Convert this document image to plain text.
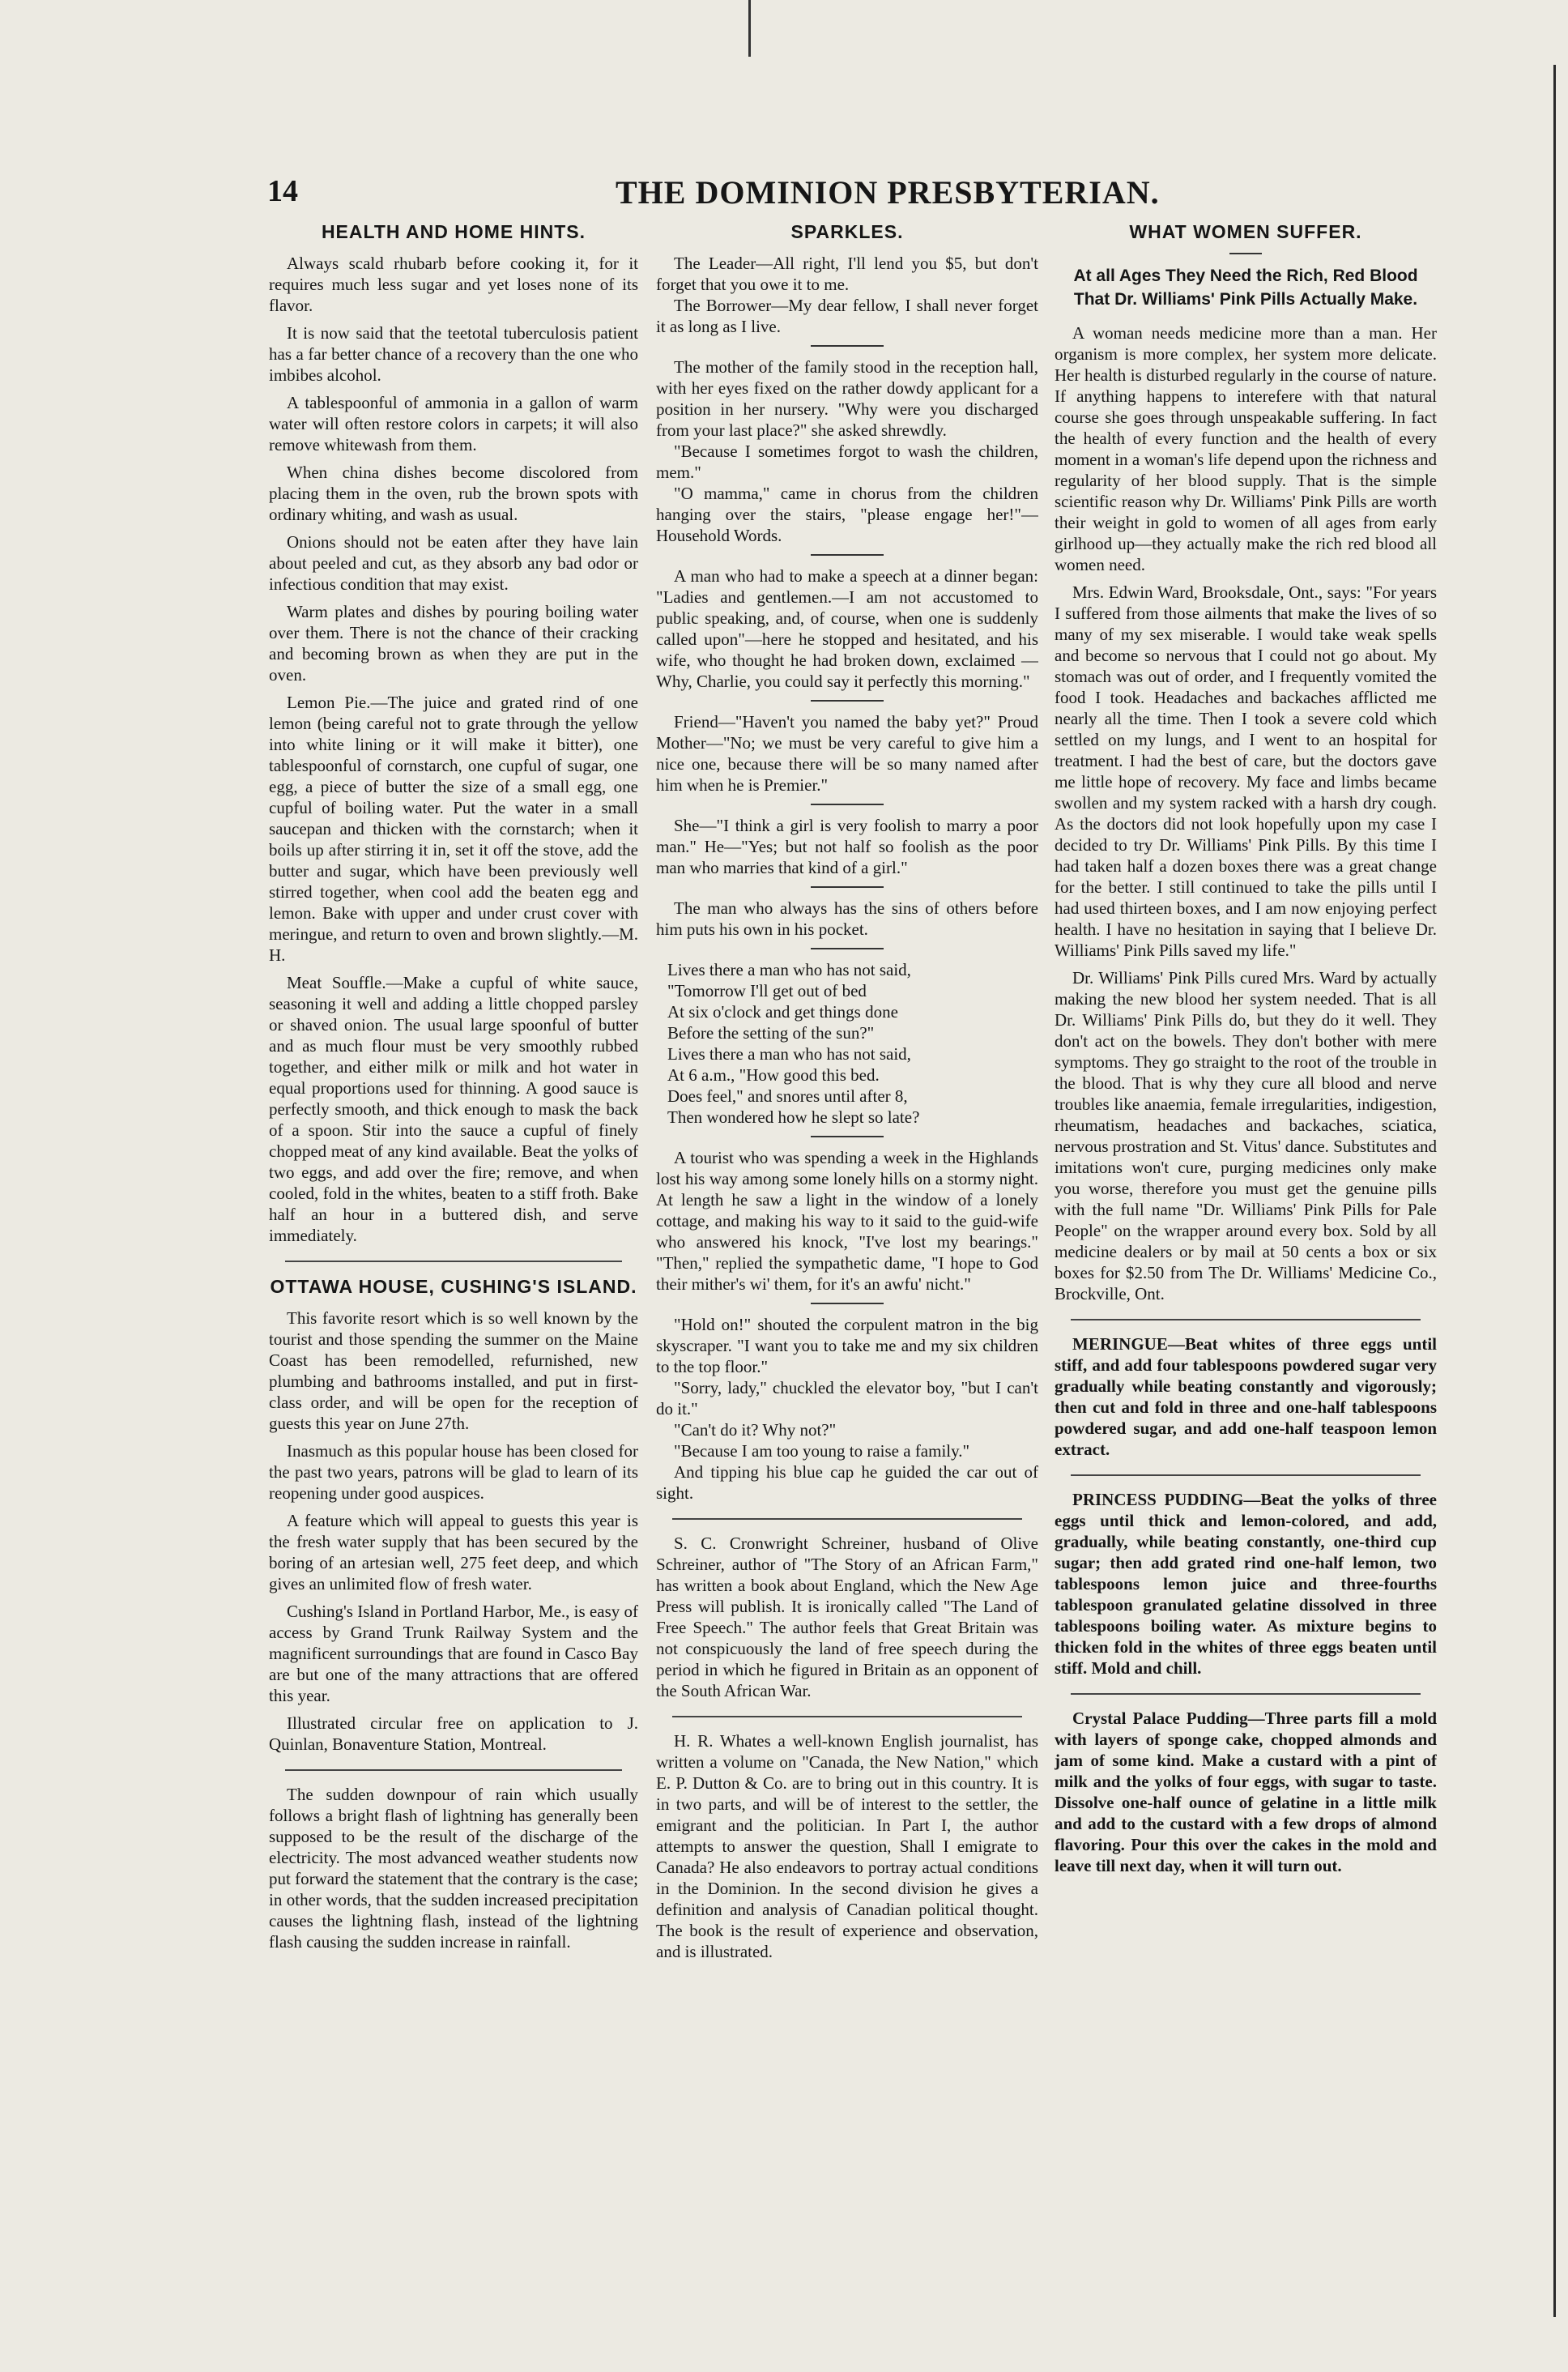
14	THE DOMINION PRESBYTERIAN.
HEALTH AND HOME HINTS.

Always scald rhubarb before cooking it, for it requires much less sugar and yet loses none of its flavor.

It is now said that the teetotal tuberculosis patient has a far better chance of a recovery than the one who imbibes alcohol.

A tablespoonful of ammonia in a gallon of warm water will often restore colors in carpets; it will also remove whitewash from them.

When china dishes become discolored from placing them in the oven, rub the brown spots with ordinary whiting, and wash as usual.

Onions should not be eaten after they have lain about peeled and cut, as they absorb any bad odor or infectious condition that may exist.

Warm plates and dishes by pouring boiling water over them. There is not the chance of their cracking and becoming brown as when they are put in the oven.

Lemon Pie.—The juice and grated rind of one lemon (being careful not to grate through the yellow into white lining or it will make it bitter), one tablespoonful of cornstarch, one cupful of sugar, one egg, a piece of butter the size of a small egg, one cupful of boiling water. Put the water in a small saucepan and thicken with the cornstarch; when it boils up after stirring it in, set it off the stove, add the butter and sugar, which have been previously well stirred together, when cool add the beaten egg and lemon. Bake with upper and under crust cover with meringue, and return to oven and brown slightly.—M. H.

Meat Souffle.—Make a cupful of white sauce, seasoning it well and adding a little chopped parsley or shaved onion. The usual large spoonful of butter and as much flour must be very smoothly rubbed together, and either milk or milk and hot water in equal proportions used for thinning. A good sauce is perfectly smooth, and thick enough to mask the back of a spoon. Stir into the sauce a cupful of finely chopped meat of any kind available. Beat the yolks of two eggs, and add over the fire; remove, and when cooled, fold in the whites, beaten to a stiff froth. Bake half an hour in a buttered dish, and serve immediately.

OTTAWA HOUSE, CUSHING'S ISLAND.

This favorite resort which is so well known by the tourist and those spending the summer on the Maine Coast has been remodelled, refurnished, new plumbing and bathrooms installed, and put in first-class order, and will be open for the reception of guests this year on June 27th.

Inasmuch as this popular house has been closed for the past two years, patrons will be glad to learn of its reopening under good auspices.

A feature which will appeal to guests this year is the fresh water supply that has been secured by the boring of an artesian well, 275 feet deep, and which gives an unlimited flow of fresh water.

Cushing's Island in Portland Harbor, Me., is easy of access by Grand Trunk Railway System and the magnificent surroundings that are found in Casco Bay are but one of the many attractions that are offered this year.

Illustrated circular free on application to J. Quinlan, Bonaventure Station, Montreal.

The sudden downpour of rain which usually follows a bright flash of lightning has generally been supposed to be the result of the discharge of the electricity. The most advanced weather students now put forward the statement that the contrary is the case; in other words, that the sudden increased precipitation causes the lightning flash, instead of the lightning flash causing the sudden increase in rainfall.

SPARKLES.

The Leader—All right, I'll lend you $5, but don't forget that you owe it to me.

The Borrower—My dear fellow, I shall never forget it as long as I live.

The mother of the family stood in the reception hall, with her eyes fixed on the rather dowdy applicant for a position in her nursery. "Why were you discharged from your last place?" she asked shrewdly.

"Because I sometimes forgot to wash the children, mem."

"O mamma," came in chorus from the children hanging over the stairs, "please engage her!"—Household Words.

A man who had to make a speech at a dinner began: "Ladies and gentlemen.—I am not accustomed to public speaking, and, of course, when one is suddenly called upon"—here he stopped and hesitated, and his wife, who thought he had broken down, exclaimed — Why, Charlie, you could say it perfectly this morning."

Friend—"Haven't you named the baby yet?" Proud Mother—"No; we must be very careful to give him a nice one, because there will be so many named after him when he is Premier."

She—"I think a girl is very foolish to marry a poor man." He—"Yes; but not half so foolish as the poor man who marries that kind of a girl."

The man who always has the sins of others before him puts his own in his pocket.

Lives there a man who has not said,

"Tomorrow I'll get out of bed

At six o'clock and get things done

Before the setting of the sun?"

Lives there a man who has not said,

At 6 a.m., "How good this bed.

Does feel," and snores until after 8,

Then wondered how he slept so late?

A tourist who was spending a week in the Highlands lost his way among some lonely hills on a stormy night. At length he saw a light in the window of a lonely cottage, and making his way to it said to the guid-wife who answered his knock, "I've lost my bearings." "Then," replied the sympathetic dame, "I hope to God their mither's wi' them, for it's an awfu' nicht."

"Hold on!" shouted the corpulent matron in the big skyscraper. "I want you to take me and my six children to the top floor."

"Sorry, lady," chuckled the elevator boy, "but I can't do it."

"Can't do it? Why not?"

"Because I am too young to raise a family."

And tipping his blue cap he guided the car out of sight.

S. C. Cronwright Schreiner, husband of Olive Schreiner, author of "The Story of an African Farm," has written a book about England, which the New Age Press will publish. It is ironically called "The Land of Free Speech." The author feels that Great Britain was not conspicuously the land of free speech during the period in which he figured in Britain as an opponent of the South African War.

H. R. Whates a well-known English journalist, has written a volume on "Canada, the New Nation," which E. P. Dutton & Co. are to bring out in this country. It is in two parts, and will be of interest to the settler, the emigrant and the politician. In Part I, the author attempts to answer the question, Shall I emigrate to Canada? He also endeavors to portray actual conditions in the Dominion. In the second division he gives a definition and analysis of Canadian political thought. The book is the result of experience and observation, and is illustrated.

WHAT WOMEN SUFFER.
At all Ages They Need the Rich, Red Blood That Dr. Williams' Pink Pills Actually Make.

A woman needs medicine more than a man. Her organism is more complex, her system more delicate. Her health is disturbed regularly in the course of nature. If anything happens to interefere with that natural course she goes through unspeakable suffering. In fact the health of every function and the health of every moment in a woman's life depend upon the richness and regularity of her blood supply. That is the simple scientific reason why Dr. Williams' Pink Pills are worth their weight in gold to women of all ages from early girlhood up—they actually make the rich red blood all women need.

Mrs. Edwin Ward, Brooksdale, Ont., says: "For years I suffered from those ailments that make the lives of so many of my sex miserable. I would take weak spells and become so nervous that I could not go about. My stomach was out of order, and I frequently vomited the food I took. Headaches and backaches afflicted me nearly all the time. Then I took a severe cold which settled on my lungs, and I went to an hospital for treatment. I had the best of care, but the doctors gave me little hope of recovery. My face and limbs became swollen and my system racked with a harsh dry cough. As the doctors did not look hopefully upon my case I decided to try Dr. Williams' Pink Pills. By this time I had taken half a dozen boxes there was a great change for the better. I still continued to take the pills until I had used thirteen boxes, and I am now enjoying perfect health. I have no hesitation in saying that I believe Dr. Williams' Pink Pills saved my life."

Dr. Williams' Pink Pills cured Mrs. Ward by actually making the new blood her system needed. That is all Dr. Williams' Pink Pills do, but they do it well. They don't act on the bowels. They don't bother with mere symptoms. They go straight to the root of the trouble in the blood. That is why they cure all blood and nerve troubles like anaemia, female irregularities, indigestion, rheumatism, headaches and backaches, sciatica, nervous prostration and St. Vitus' dance. Substitutes and imitations won't cure, purging medicines only make you worse, therefore you must get the genuine pills with the full name "Dr. Williams' Pink Pills for Pale People" on the wrapper around every box. Sold by all medicine dealers or by mail at 50 cents a box or six boxes for $2.50 from The Dr. Williams' Medicine Co., Brockville, Ont.

MERINGUE—Beat whites of three eggs until stiff, and add four tablespoons powdered sugar very gradually while beating constantly and vigorously; then cut and fold in three and one-half tablespoons powdered sugar, and add one-half teaspoon lemon extract.

PRINCESS PUDDING—Beat the yolks of three eggs until thick and lemon-colored, and add, gradually, while beating constantly, one-third cup sugar; then add grated rind one-half lemon, two tablespoons lemon juice and three-fourths tablespoon granulated gelatine dissolved in three tablespoons boiling water. As mixture begins to thicken fold in the whites of three eggs beaten until stiff. Mold and chill.

Crystal Palace Pudding—Three parts fill a mold with layers of sponge cake, chopped almonds and jam of some kind. Make a custard with a pint of milk and the yolks of four eggs, with sugar to taste. Dissolve one-half ounce of gelatine in a little milk and add to the custard with a few drops of almond flavoring. Pour this over the cakes in the mold and leave till next day, when it will turn out.
